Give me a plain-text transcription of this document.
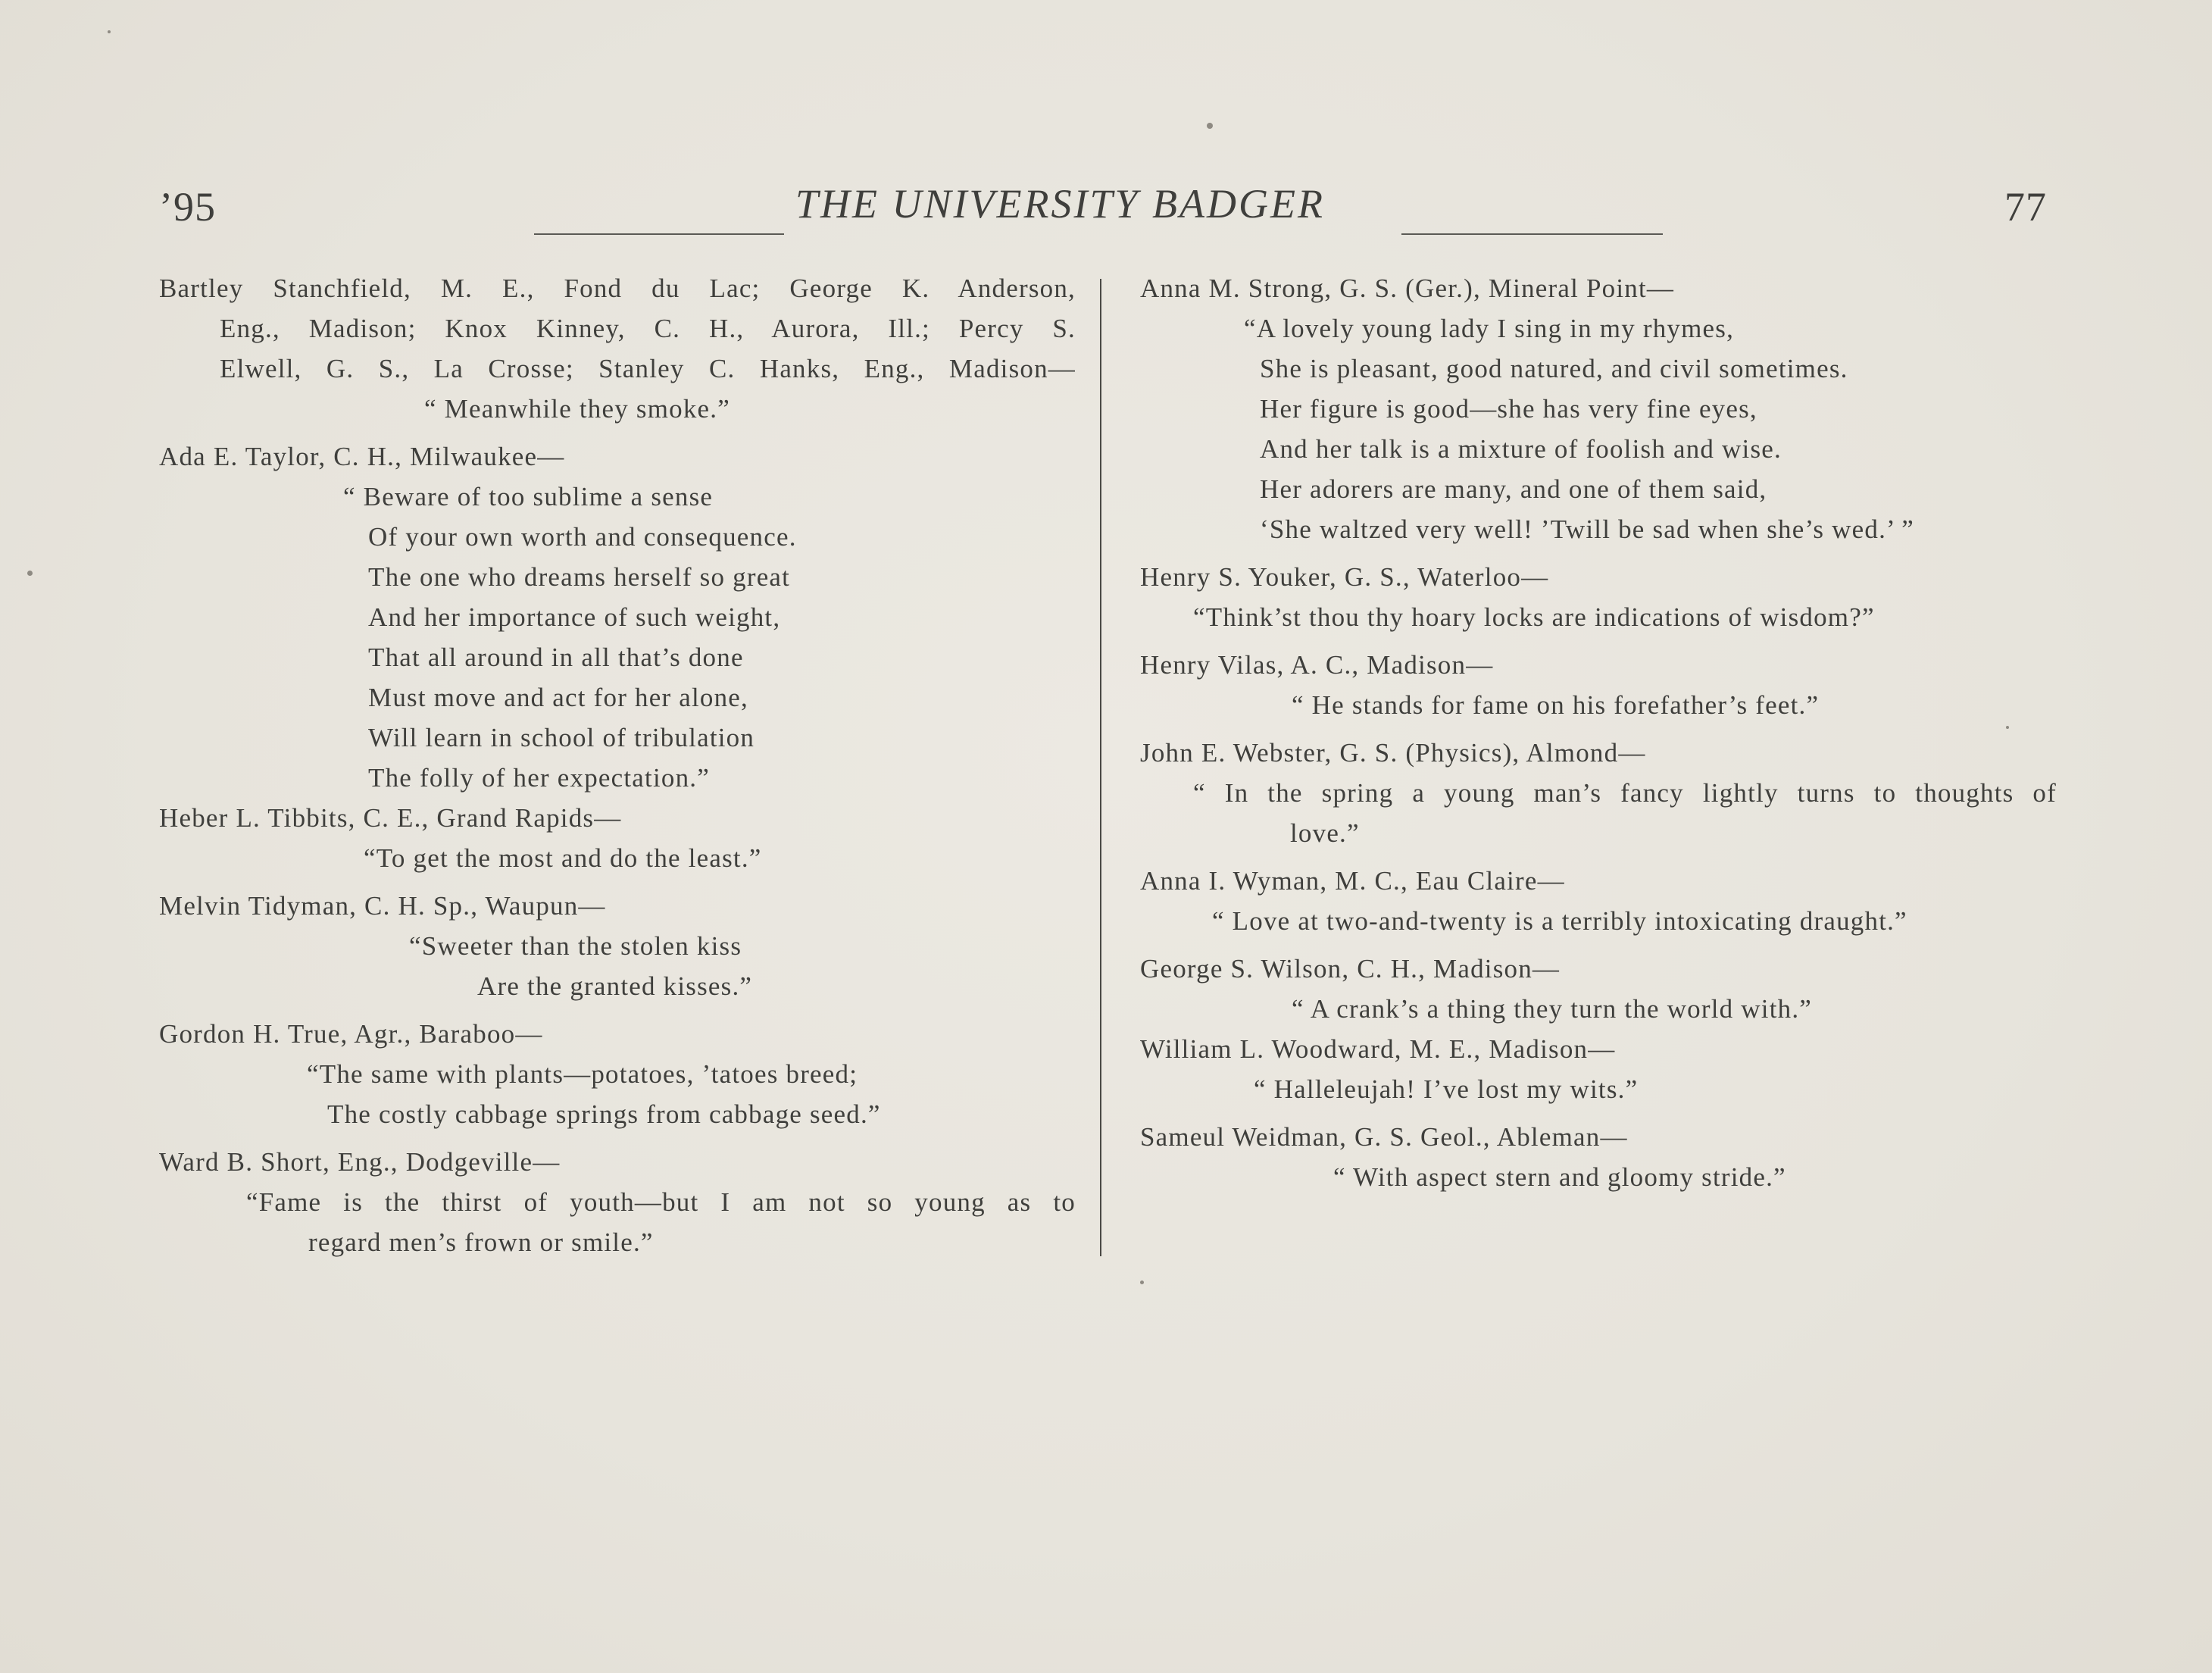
’95	THE UNIVERSITY BADGER	77
Bartley Stanchfield, M. E., Fond du Lac; George K. Anderson,
Eng., Madison; Knox Kinney, C. H., Aurora, Ill.; Percy S.
Elwell, G. S., La Crosse; Stanley C. Hanks, Eng., Madison—
“ Meanwhile they smoke.”
Ada E. Taylor, C. H., Milwaukee—
“ Beware of too sublime a sense
Of your own worth and consequence.
The one who dreams herself so great
And her importance of such weight,
That all around in all that’s done
Must move and act for her alone,
Will learn in school of tribulation
The folly of her expectation.”
Heber L. Tibbits, C. E., Grand Rapids—
“To get the most and do the least.”
Melvin Tidyman, C. H. Sp., Waupun—
“Sweeter than the stolen kiss
Are the granted kisses.”
Gordon H. True, Agr., Baraboo—
“The same with plants—potatoes, ’tatoes breed;
The costly cabbage springs from cabbage seed.”
Ward B. Short, Eng., Dodgeville—
“Fame is the thirst of youth—but I am not so young as to
regard men’s frown or smile.”
Anna M. Strong, G. S. (Ger.), Mineral Point—
“A lovely young lady I sing in my rhymes,
She is pleasant, good natured, and civil sometimes.
Her figure is good—she has very fine eyes,
And her talk is a mixture of foolish and wise.
Her adorers are many, and one of them said,
‘She waltzed very well! ’Twill be sad when she’s wed.’ ”
Henry S. Youker, G. S., Waterloo—
“Think’st thou thy hoary locks are indications of wisdom?”
Henry Vilas, A. C., Madison—
“ He stands for fame on his forefather’s feet.”
John E. Webster, G. S. (Physics), Almond—
“ In the spring a young man’s fancy lightly turns to thoughts of
love.”
Anna I. Wyman, M. C., Eau Claire—
“ Love at two-and-twenty is a terribly intoxicating draught.”
George S. Wilson, C. H., Madison—
“ A crank’s a thing they turn the world with.”
William L. Woodward, M. E., Madison—
“ Halleleujah! I’ve lost my wits.”
Sameul Weidman, G. S. Geol., Ableman—
“ With aspect stern and gloomy stride.”
